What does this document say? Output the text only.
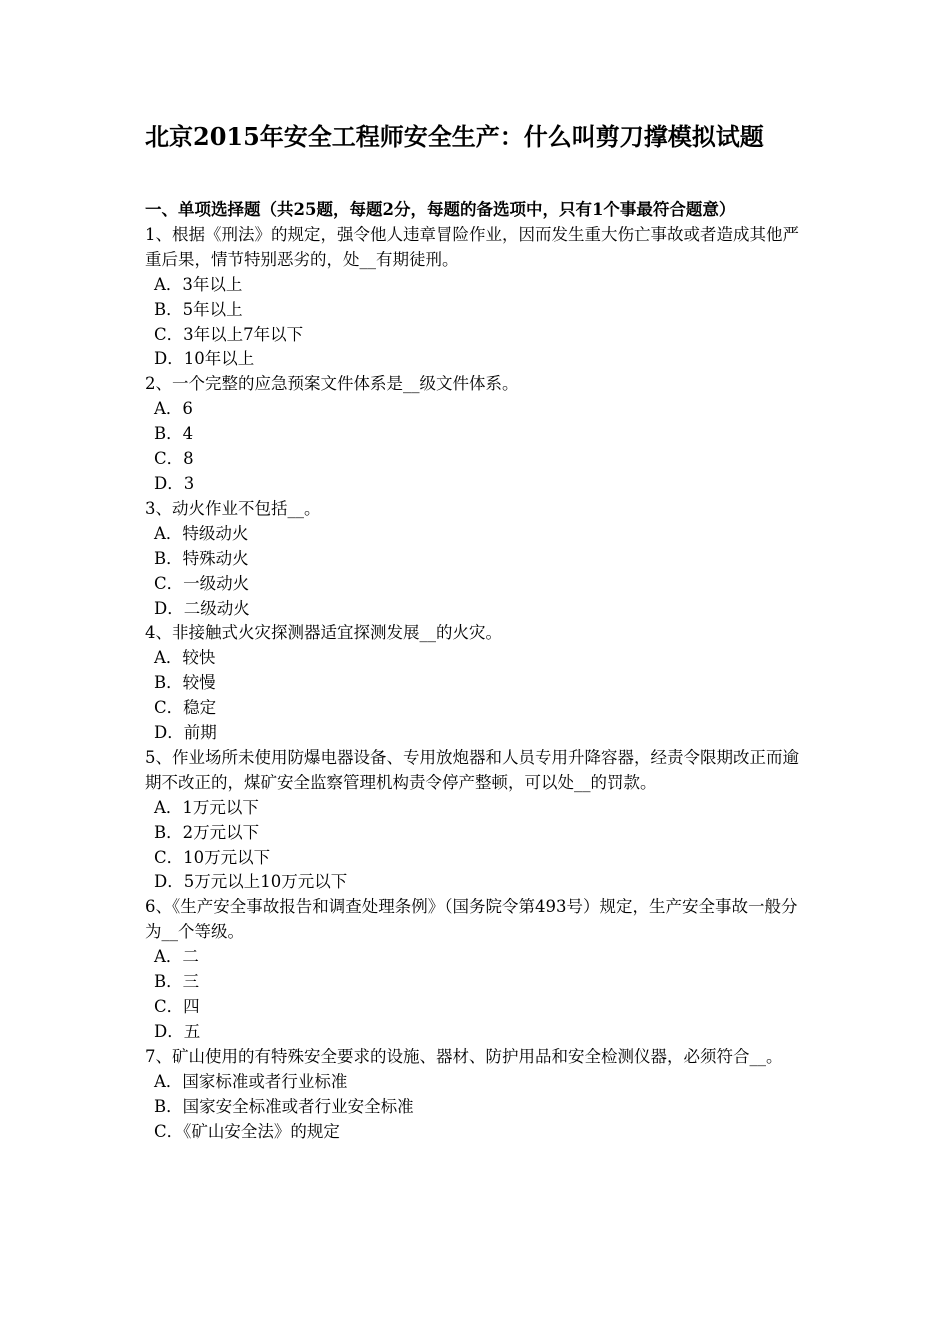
北京2015年安全工程师安全生产：什么叫剪刀撑模拟试题
一、单项选择题（共25题，每题2分，每题的备选项中，只有1个事最符合题意）
1、根据《刑法》的规定，强令他人违章冒险作业，因而发生重大伤亡事故或者造成其他严重后果，情节特别恶劣的，处__有期徒刑。
A．3年以上
B．5年以上
C．3年以上7年以下
D．10年以上
2、一个完整的应急预案文件体系是__级文件体系。
A．6
B．4
C．8
D．3
3、动火作业不包括__。
A．特级动火
B．特殊动火
C．一级动火
D．二级动火
4、非接触式火灾探测器适宜探测发展__的火灾。
A．较快
B．较慢
C．稳定
D．前期
5、作业场所未使用防爆电器设备、专用放炮器和人员专用升降容器，经责令限期改正而逾期不改正的，煤矿安全监察管理机构责令停产整顿，可以处__的罚款。
A．1万元以下
B．2万元以下
C．10万元以下
D．5万元以上10万元以下
6、《生产安全事故报告和调查处理条例》（国务院令第493号）规定，生产安全事故一般分为__个等级。
A．二
B．三
C．四
D．五
7、矿山使用的有特殊安全要求的设施、器材、防护用品和安全检测仪器，必须符合__。
A．国家标准或者行业标准
B．国家安全标准或者行业安全标准
C．《矿山安全法》的规定
